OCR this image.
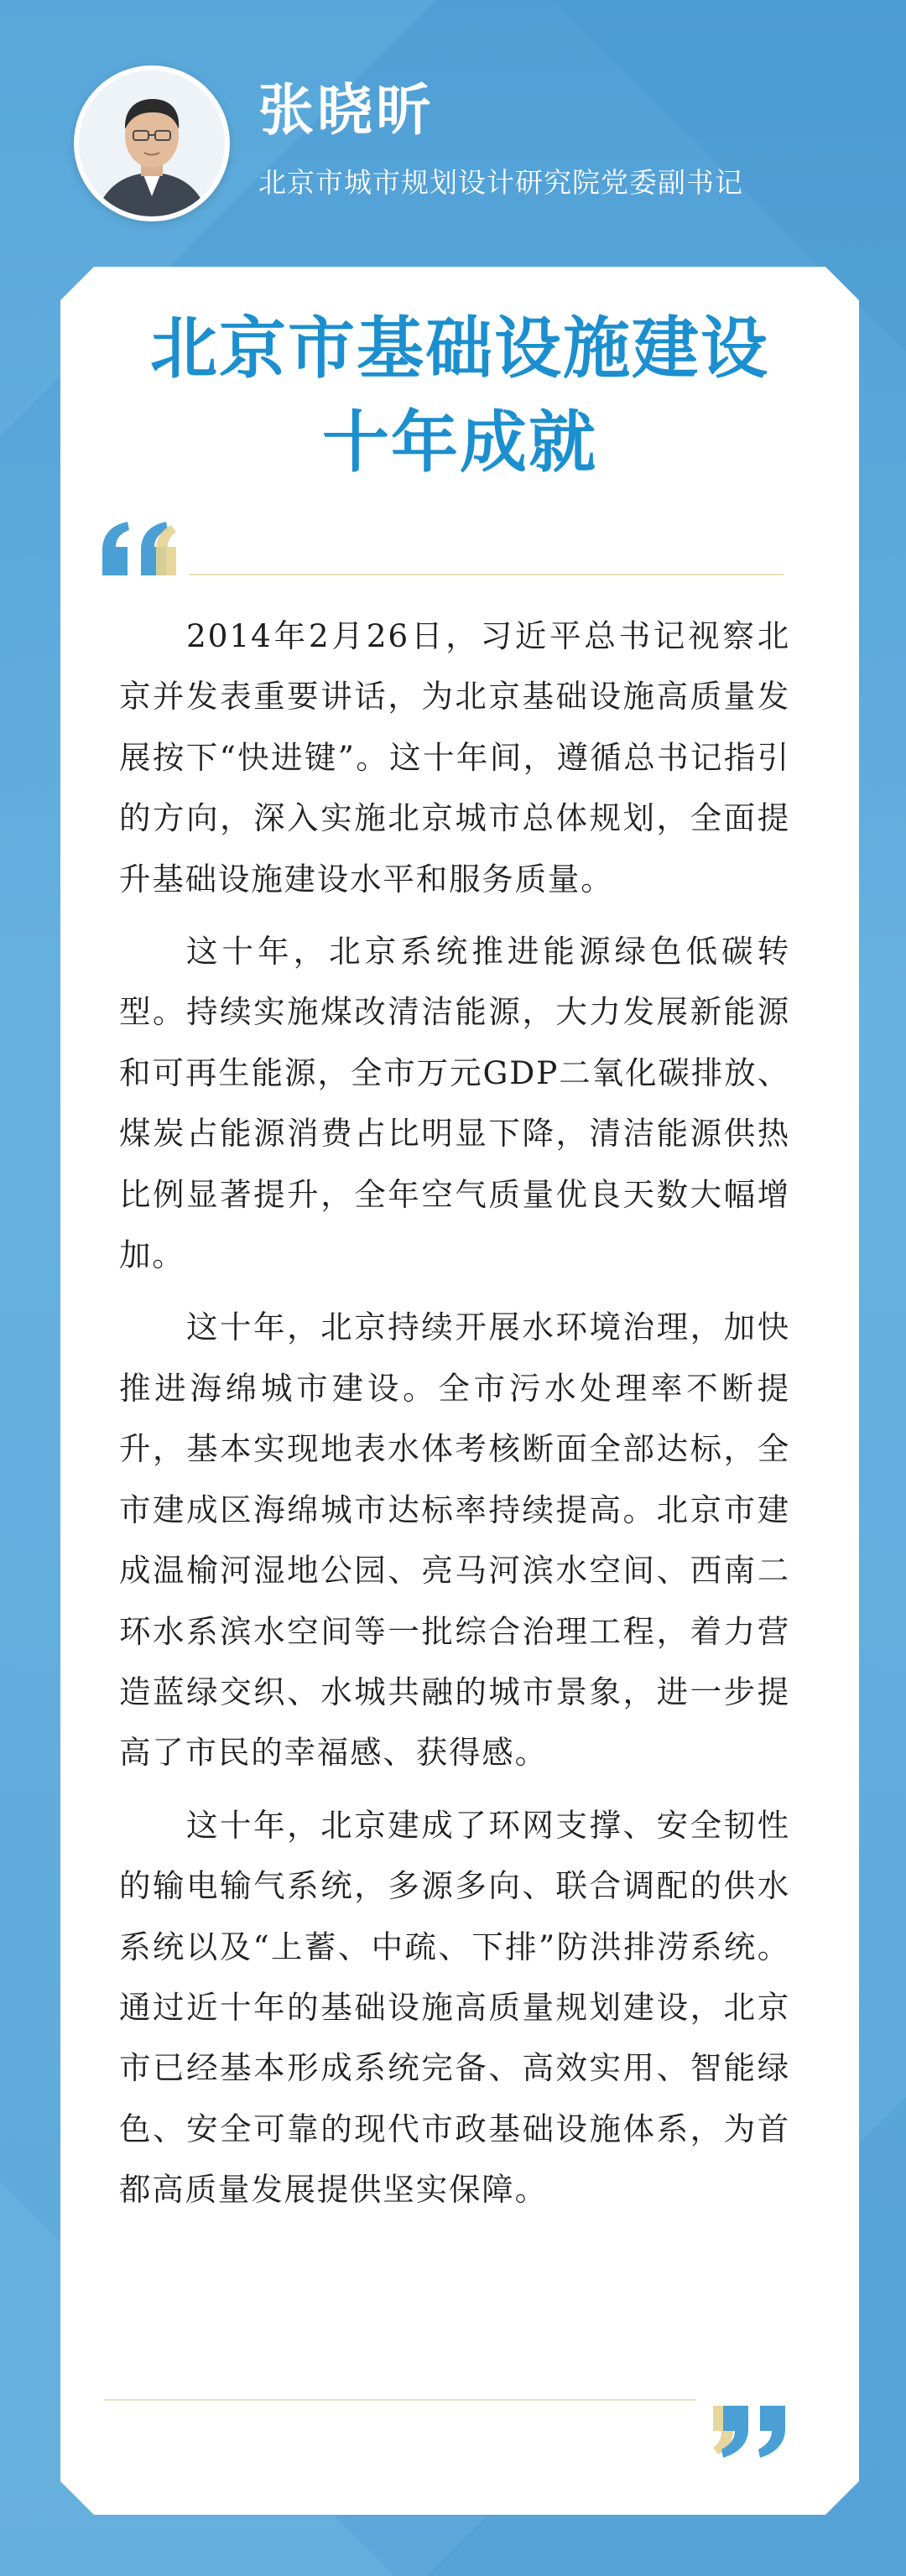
张晓昕

北京市城市规划设计研究院党委副书记

北京市基础设施建设
十年成就

2014年2月26日，习近平总书记视察北京并发表重要讲话，为北京基础设施高质量发展按下“快进键”。这十年间，遵循总书记指引的方向，深入实施北京城市总体规划，全面提升基础设施建设水平和服务质量。

这十年，北京系统推进能源绿色低碳转型。持续实施煤改清洁能源，大力发展新能源和可再生能源，全市万元GDP二氧化碳排放、煤炭占能源消费占比明显下降，清洁能源供热比例显著提升，全年空气质量优良天数大幅增加。

这十年，北京持续开展水环境治理，加快推进海绵城市建设。全市污水处理率不断提升，基本实现地表水体考核断面全部达标，全市建成区海绵城市达标率持续提高。北京市建成温榆河湿地公园、亮马河滨水空间、西南二环水系滨水空间等一批综合治理工程，着力营造蓝绿交织、水城共融的城市景象，进一步提高了市民的幸福感、获得感。

这十年，北京建成了环网支撑、安全韧性的输电输气系统，多源多向、联合调配的供水系统以及“上蓄、中疏、下排”防洪排涝系统。通过近十年的基础设施高质量规划建设，北京市已经基本形成系统完备、高效实用、智能绿色、安全可靠的现代市政基础设施体系，为首都高质量发展提供坚实保障。
